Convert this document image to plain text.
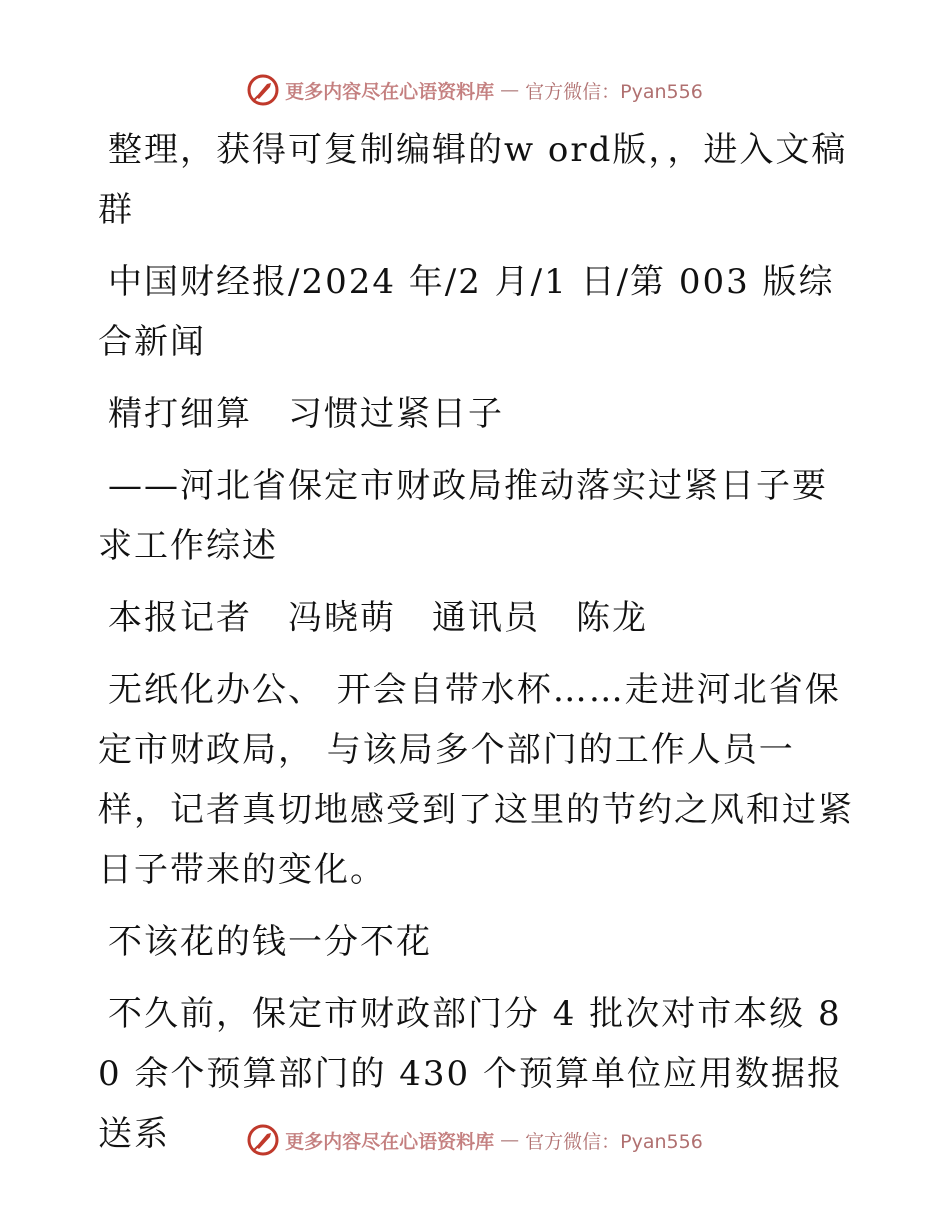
更多内容尽在心语资料库 — 官方微信：Pyan556

整理，获得可复制编辑的w ord版，，进入文稿群

中国财经报/2024 年/2 月/1 日/第 003 版综合新闻

精打细算　习惯过紧日子

——河北省保定市财政局推动落实过紧日子要求工作综述

本报记者　冯晓萌　通讯员　陈龙

无纸化办公、 开会自带水杯……走进河北省保定市财政局， 与该局多个部门的工作人员一样，记者真切地感受到了这里的节约之风和过紧日子带来的变化。

不该花的钱一分不花

不久前，保定市财政部门分 4 批次对市本级 80 余个预算部门的 430 个预算单位应用数据报送系	更多内容尽在心语资料库 — 官方微信：Pyan556
